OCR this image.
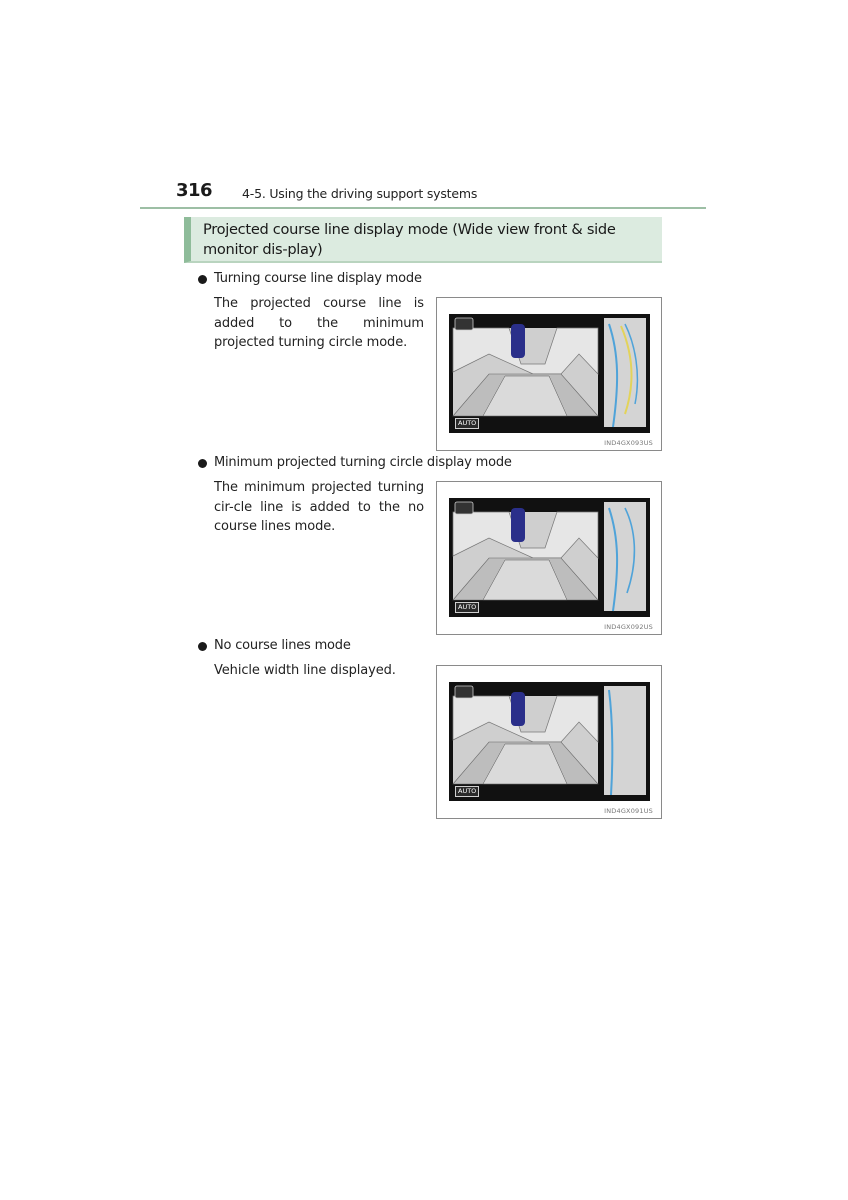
316 4-5. Using the driving support systems
Projected course line display mode (Wide view front & side monitor dis-play)
Turning course line display mode
The projected course line is added to the minimum projected turning circle mode.
AUTO
IND4GX093US
Minimum projected turning circle display mode
The minimum projected turning cir-cle line is added to the no course lines mode.
AUTO
IND4GX092US
No course lines mode
Vehicle width line displayed.
AUTO
IND4GX091US
